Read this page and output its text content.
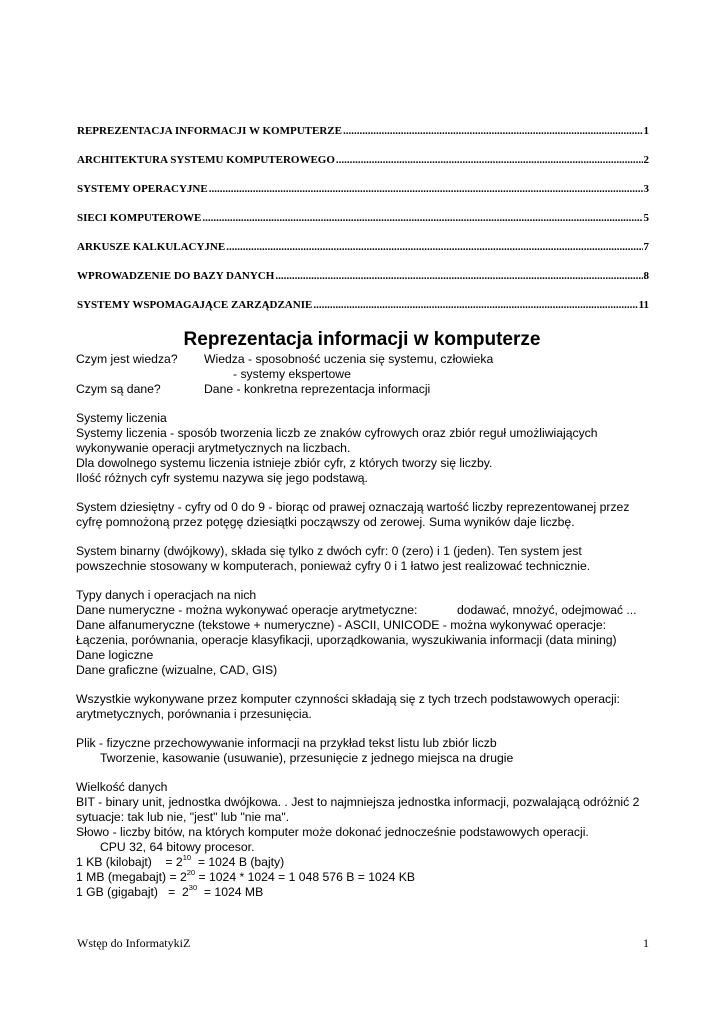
REPREZENTACJA INFORMACJI W KOMPUTERZE .....	1
ARCHITEKTURA SYSTEMU KOMPUTEROWEGO .....	2
SYSTEMY OPERACYJNE .....	3
SIECI KOMPUTEROWE .....	5
ARKUSZE KALKULACYJNE .....	7
WPROWADZENIE DO BAZY DANYCH .....	8
SYSTEMY WSPOMAGAJĄCE ZARZĄDZANIE .....	11
Reprezentacja informacji w komputerze
Czym jest wiedza? Wiedza - sposobność uczenia się systemu, człowieka
- systemy ekspertowe
Czym są dane?	Dane - konkretna reprezentacja informacji
Systemy liczenia
Systemy liczenia - sposób tworzenia liczb ze znaków cyfrowych oraz zbiór reguł umożliwiających
wykonywanie operacji arytmetycznych na liczbach.
Dla dowolnego systemu liczenia istnieje zbiór cyfr, z których tworzy się liczby.
Ilość różnych cyfr systemu nazywa się jego podstawą.
System dziesiętny - cyfry od 0 do 9 - biorąc od prawej oznaczają wartość liczby reprezentowanej przez
cyfrę pomnożoną przez potęgę dziesiątki począwszy od zerowej. Suma wyników daje liczbę.
System binarny (dwójkowy), składa się tylko z dwóch cyfr: 0 (zero) i 1 (jeden). Ten system jest
powszechnie stosowany w komputerach, ponieważ cyfry 0 i 1 łatwo jest realizować technicznie.
Typy danych i operacjach na nich
Dane numeryczne - można wykonywać operacje arytmetyczne:	dodawać, mnożyć, odejmować ...
Dane alfanumeryczne (tekstowe + numeryczne) - ASCII, UNICODE - można wykonywać operacje:
Łączenia, porównania, operacje klasyfikacji, uporządkowania, wyszukiwania informacji (data mining)
Dane logiczne
Dane graficzne (wizualne, CAD, GIS)
Wszystkie wykonywane przez komputer czynności składają się z tych trzech podstawowych operacji:
arytmetycznych, porównania i przesunięcia.
Plik - fizyczne przechowywanie informacji na przykład tekst listu lub zbiór liczb
Tworzenie, kasowanie (usuwanie), przesunięcie z jednego miejsca na drugie
Wielkość danych
BIT - binary unit, jednostka dwójkowa. . Jest to najmniejsza jednostka informacji, pozwalającą odróżnić 2
sytuacje: tak lub nie, "jest" lub "nie ma".
Słowo - liczby bitów, na których komputer może dokonać jednocześnie podstawowych operacji.
CPU 32, 64 bitowy procesor.
1 KB (kilobajt)    = $2^{10} = 1024$ B (bajty)
1 MB (megabajt) = $2^{20} = 1024 * 1024 = 1$ 048 576 B = 1024 KB
1 GB (gigabajt)   =  $2^{30} = 1024$ MB
Wstęp do InformatykiZ	1
